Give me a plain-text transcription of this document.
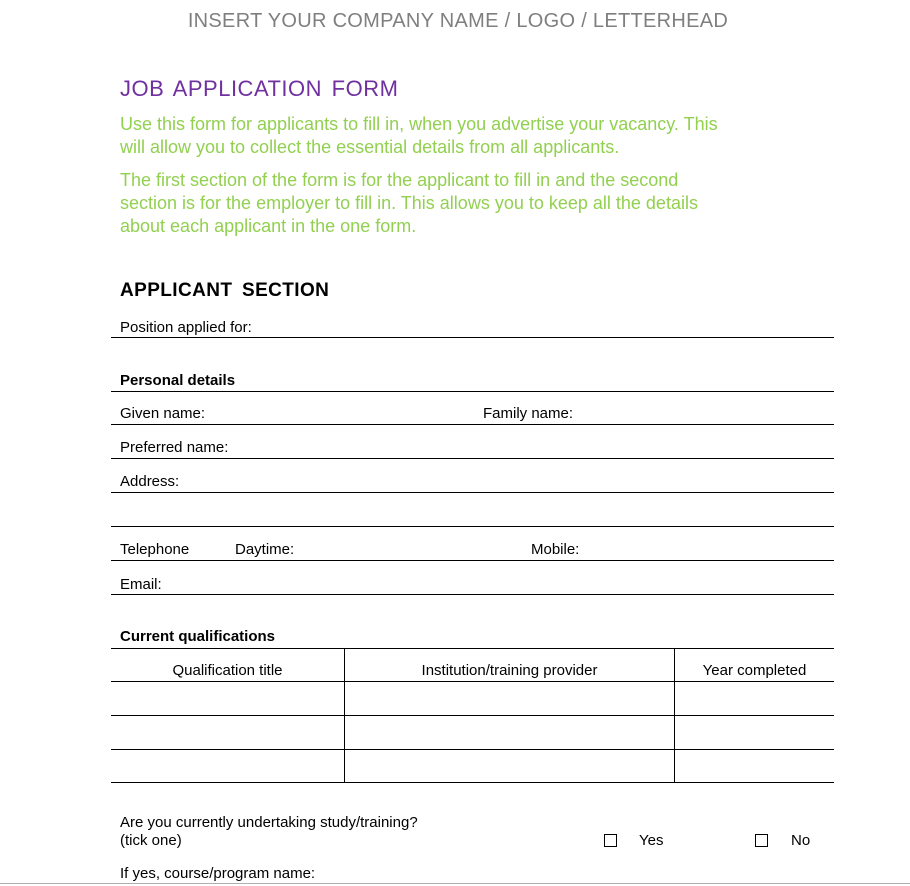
INSERT YOUR COMPANY NAME / LOGO / LETTERHEAD
JOB APPLICATION FORM
Use this form for applicants to fill in, when you advertise your vacancy. This
will allow you to collect the essential details from all applicants.
The first section of the form is for the applicant to fill in and the second
section is for the employer to fill in. This allows you to keep all the details
about each applicant in the one form.
APPLICANT SECTION
Position applied for:
Personal details
Given name:	Family name:
Preferred name:
Address:
Telephone	Daytime:	Mobile:
Email:
Current qualifications
Qualification title	Institution/training provider	Year completed
Are you currently undertaking study/training?
(tick one)	Yes	No
If yes, course/program name:
